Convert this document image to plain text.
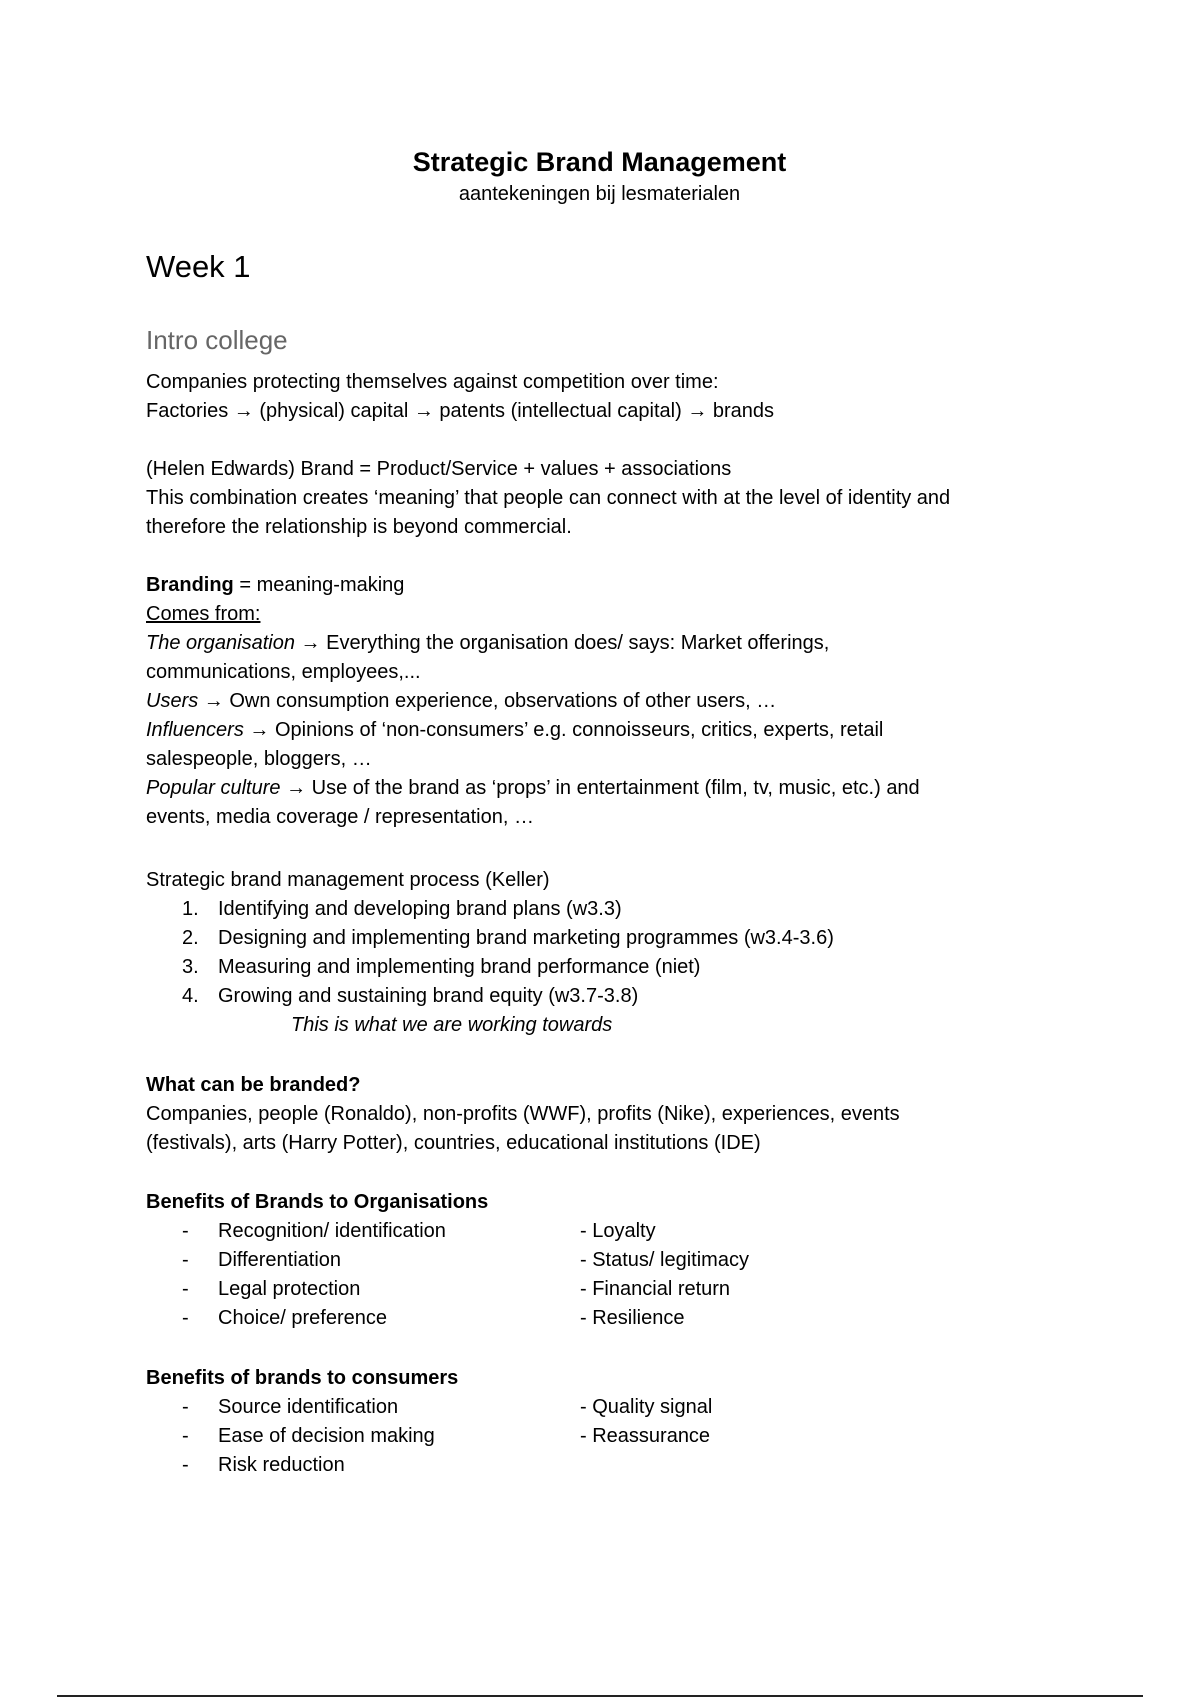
Strategic Brand Management
aantekeningen bij lesmaterialen
Week 1
Intro college

Companies protecting themselves against competition over time:

Factories → (physical) capital → patents (intellectual capital) → brands

(Helen Edwards) Brand = Product/Service + values + associations

This combination creates ‘meaning’ that people can connect with at the level of identity and

therefore the relationship is beyond commercial.

Branding = meaning-making

Comes from:

The organisation → Everything the organisation does/ says: Market offerings,

communications, employees,...

Users → Own consumption experience, observations of other users, …

Influencers → Opinions of ‘non-consumers’ e.g. connoisseurs, critics, experts, retail

salespeople, bloggers, …

Popular culture → Use of the brand as ‘props’ in entertainment (film, tv, music, etc.) and

events, media coverage / representation, …

Strategic brand management process (Keller)

1. Identifying and developing brand plans (w3.3)
2. Designing and implementing brand marketing programmes (w3.4-3.6)
3. Measuring and implementing brand performance (niet)
4. Growing and sustaining brand equity (w3.7-3.8)

This is what we are working towards

What can be branded?

Companies, people (Ronaldo), non-profits (WWF), profits (Nike), experiences, events

(festivals), arts (Harry Potter), countries, educational institutions (IDE)

Benefits of Brands to Organisations

- Recognition/ identification
- Differentiation
- Legal protection
- Choice/ preference

- Loyalty

- Status/ legitimacy

- Financial return

- Resilience

Benefits of brands to consumers

- Source identification
- Ease of decision making
- Risk reduction

- Quality signal

- Reassurance
